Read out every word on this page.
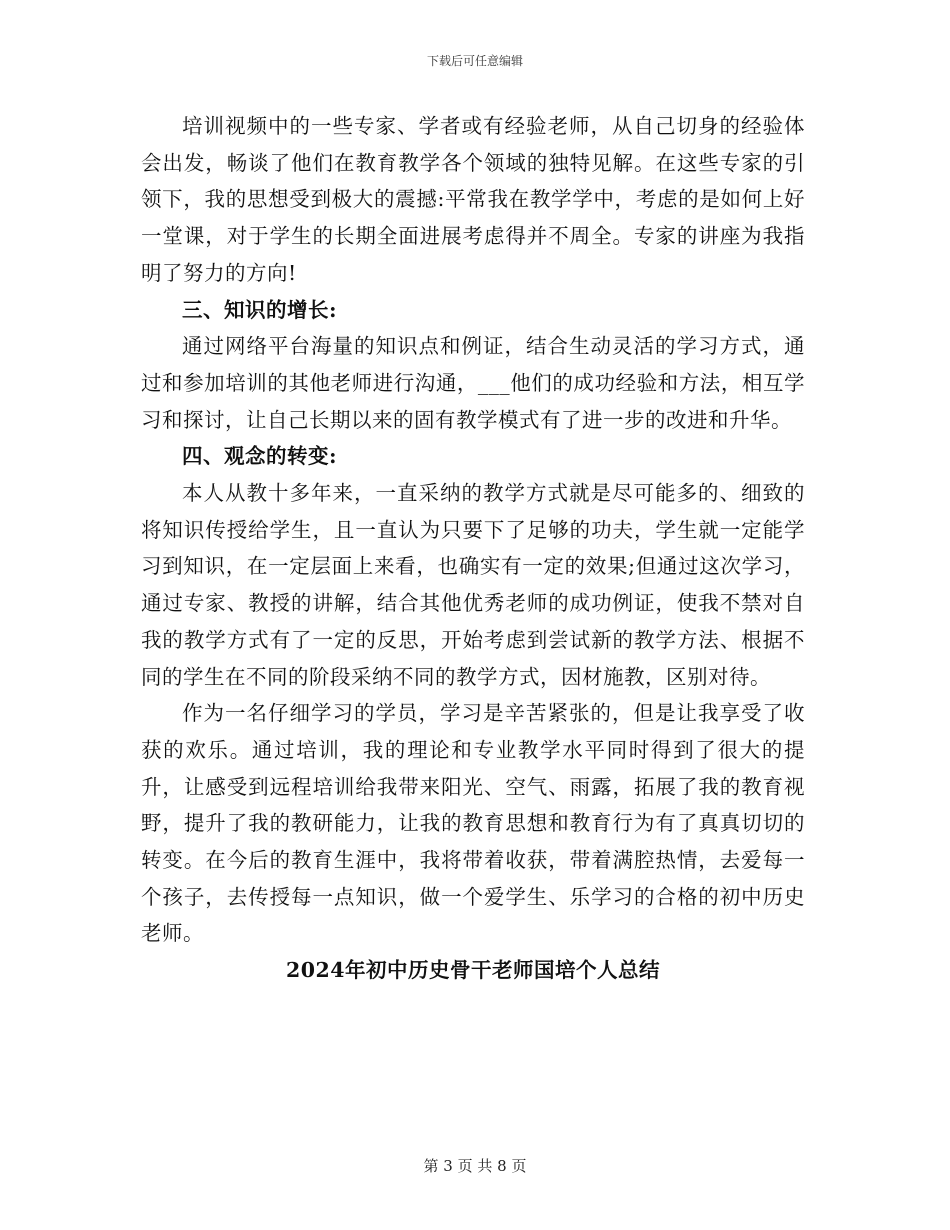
下载后可任意编辑

培训视频中的一些专家、学者或有经验老师，从自己切身的经验体会出发，畅谈了他们在教育教学各个领域的独特见解。在这些专家的引领下，我的思想受到极大的震撼:平常我在教学学中，考虑的是如何上好一堂课，对于学生的长期全面进展考虑得并不周全。专家的讲座为我指明了努力的方向!

三、知识的增长:

通过网络平台海量的知识点和例证，结合生动灵活的学习方式，通过和参加培训的其他老师进行沟通，___他们的成功经验和方法，相互学习和探讨，让自己长期以来的固有教学模式有了进一步的改进和升华。

四、观念的转变:

本人从教十多年来，一直采纳的教学方式就是尽可能多的、细致的将知识传授给学生，且一直认为只要下了足够的功夫，学生就一定能学习到知识，在一定层面上来看，也确实有一定的效果;但通过这次学习，通过专家、教授的讲解，结合其他优秀老师的成功例证，使我不禁对自我的教学方式有了一定的反思，开始考虑到尝试新的教学方法、根据不同的学生在不同的阶段采纳不同的教学方式，因材施教，区别对待。

作为一名仔细学习的学员，学习是辛苦紧张的，但是让我享受了收获的欢乐。通过培训，我的理论和专业教学水平同时得到了很大的提升，让感受到远程培训给我带来阳光、空气、雨露，拓展了我的教育视野，提升了我的教研能力，让我的教育思想和教育行为有了真真切切的转变。在今后的教育生涯中，我将带着收获，带着满腔热情，去爱每一个孩子，去传授每一点知识，做一个爱学生、乐学习的合格的初中历史老师。

2024年初中历史骨干老师国培个人总结

第 3 页 共 8 页
